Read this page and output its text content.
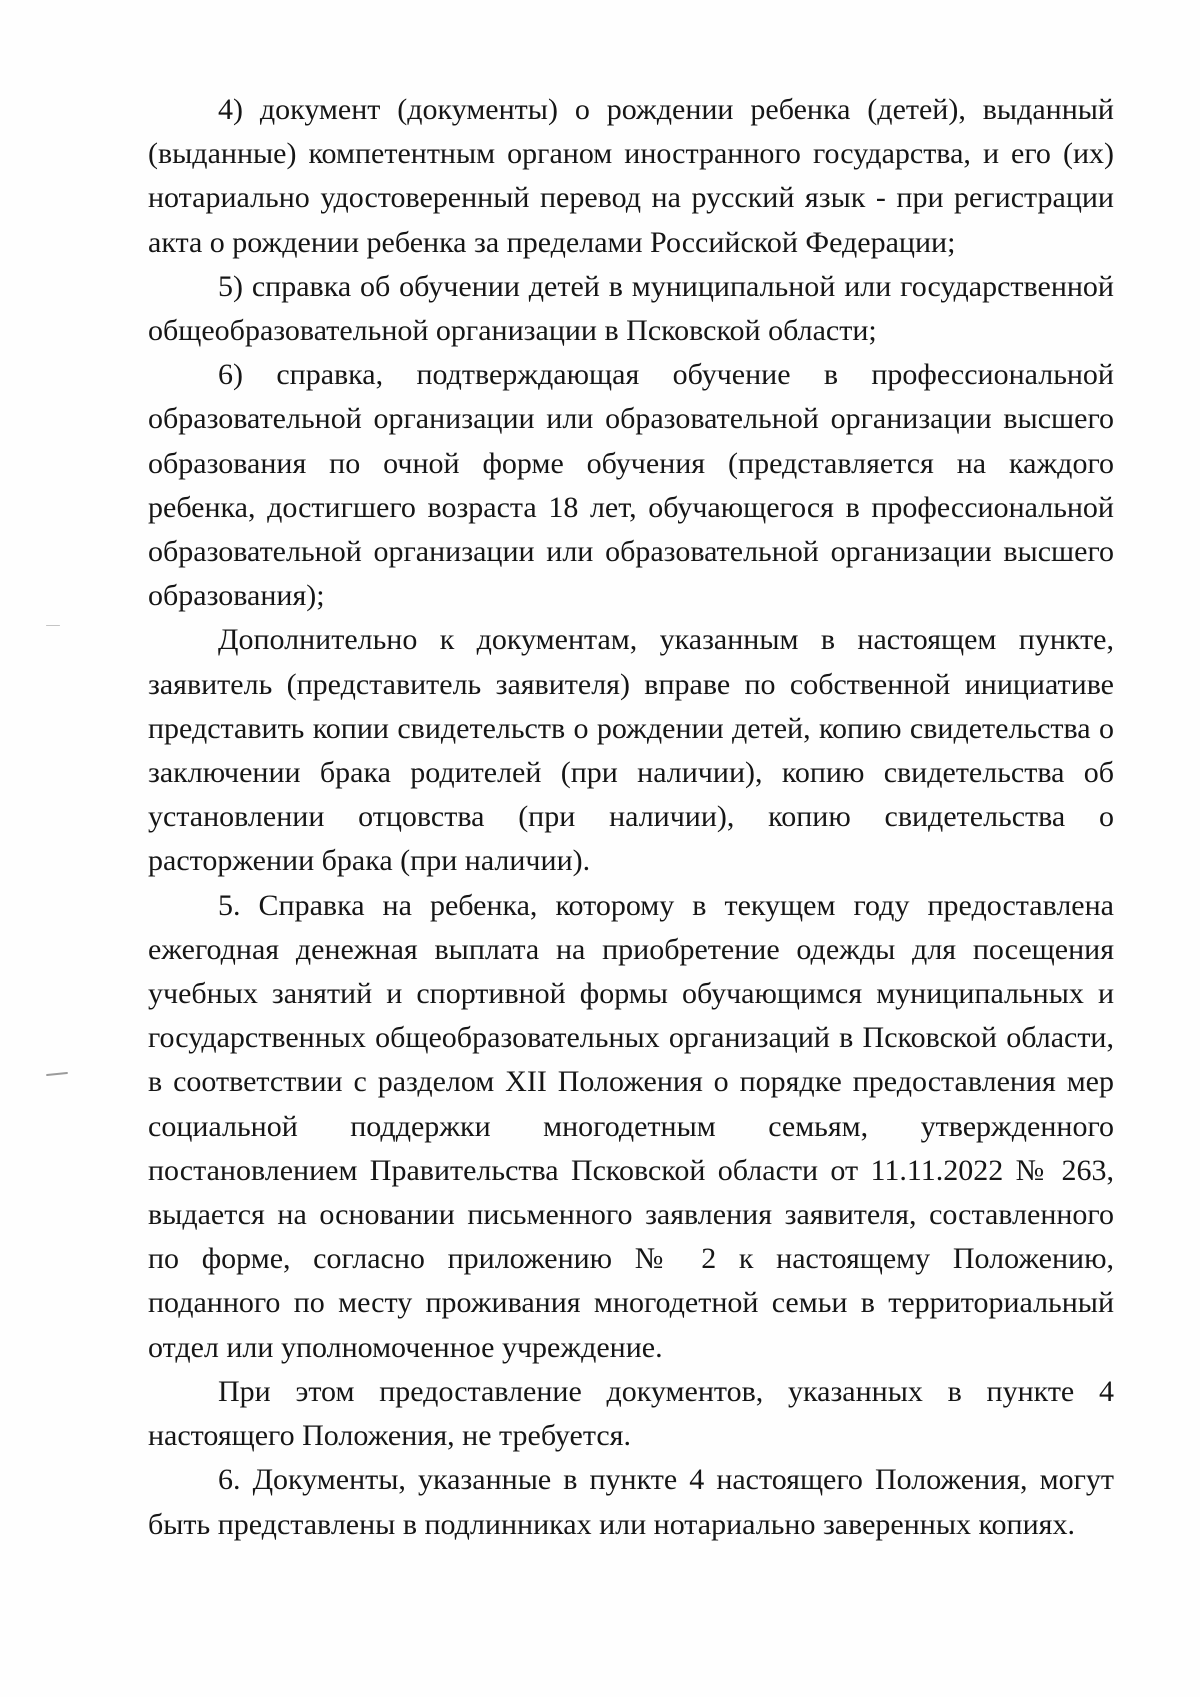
4) документ (документы) о рождении ребенка (детей), выданный (выданные) компетентным органом иностранного государства, и его (их) нотариально удостоверенный перевод на русский язык - при регистрации акта о рождении ребенка за пределами Российской Федерации;

5) справка об обучении детей в муниципальной или государственной общеобразовательной организации в Псковской области;

6) справка, подтверждающая обучение в профессиональной образовательной организации или образовательной организации высшего образования по очной форме обучения (представляется на каждого ребенка, достигшего возраста 18 лет, обучающегося в профессиональной образовательной организации или образовательной организации высшего образования);

Дополнительно к документам, указанным в настоящем пункте, заявитель (представитель заявителя) вправе по собственной инициативе представить копии свидетельств о рождении детей, копию свидетельства о заключении брака родителей (при наличии), копию свидетельства об установлении отцовства (при наличии), копию свидетельства о расторжении брака (при наличии).

5. Справка на ребенка, которому в текущем году предоставлена ежегодная денежная выплата на приобретение одежды для посещения учебных занятий и спортивной формы обучающимся муниципальных и государственных общеобразовательных организаций в Псковской области, в соответствии с разделом XII Положения о порядке предоставления мер социальной поддержки многодетным семьям, утвержденного постановлением Правительства Псковской области от 11.11.2022 № 263, выдается на основании письменного заявления заявителя, составленного по форме, согласно приложению № 2 к настоящему Положению, поданного по месту проживания многодетной семьи в территориальный отдел или уполномоченное учреждение.

При этом предоставление документов, указанных в пункте 4 настоящего Положения, не требуется.

6. Документы, указанные в пункте 4 настоящего Положения, могут быть представлены в подлинниках или нотариально заверенных копиях.
